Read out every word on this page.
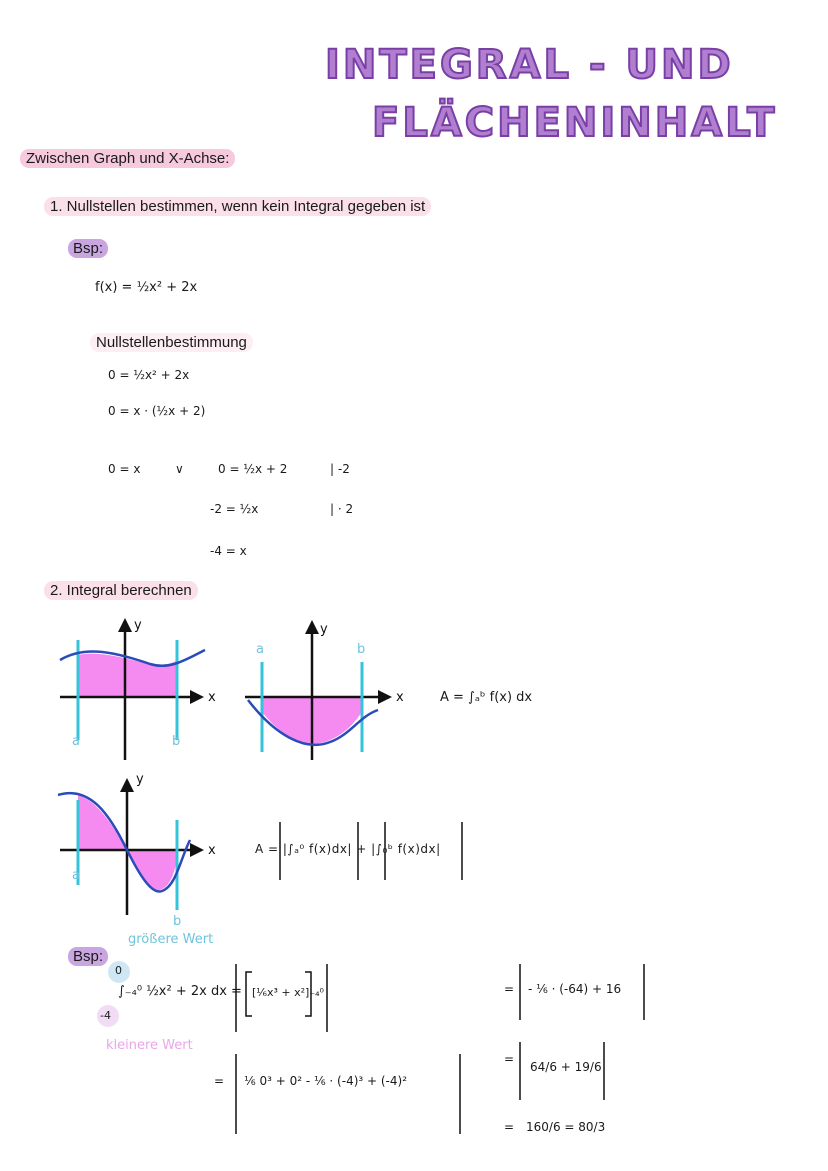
INTEGRAL - UND
FLÄCHENINHALT
Zwischen Graph und X-Achse:
1. Nullstellen bestimmen, wenn kein Integral gegeben ist
Bsp:
f(x) = ½x² + 2x
Nullstellenbestimmung
0 = ½x² + 2x
0 = x · (½x + 2)
0 = x	∨	0 = ½x + 2	| -2
-2 = ½x	| · 2
-4 = x
2. Integral berechnen
y
x
a	b
y
x
a	b
A = ∫ₐᵇ f(x) dx
y
x
a
b
A = |∫ₐ⁰ f(x)dx| + |∫₀ᵇ f(x)dx|
größere Wert
Bsp:
0
-4
∫₋₄⁰ ½x² + 2x dx = [⅙x³ + x²]₋₄⁰
kleinere Wert
= ⅙ 0³ + 0² - ⅙ · (-4)³ + (-4)²
= - ⅙ · (-64) + 16
=
64/6 + 19/6
= 160/6 = 80/3
